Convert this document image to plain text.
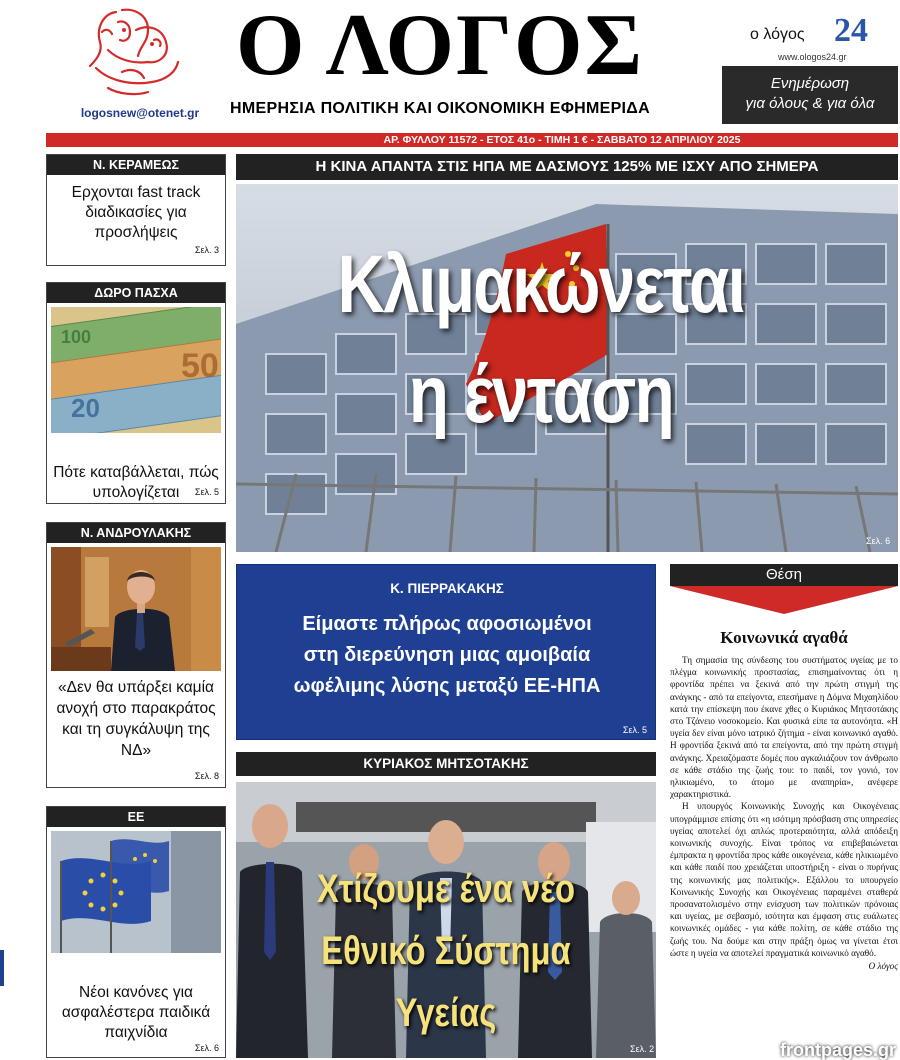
logosnew@otenet.gr
Ο ΛΟΓΟΣ
ΗΜΕΡΗΣΙΑ ΠΟΛΙΤΙΚΗ ΚΑΙ ΟΙΚΟΝΟΜΙΚΗ ΕΦΗΜΕΡΙΔΑ
ο λόγος 24
www.ologos24.gr
Ενημέρωση
για όλους & για όλα
ΑΡ. ΦΥΛΛΟΥ 11572 - ΕΤΟΣ 41ο - ΤΙΜΗ 1 € - ΣΑΒΒΑΤΟ 12 ΑΠΡΙΛΙΟΥ 2025
Ν. ΚΕΡΑΜΕΩΣ
Ερχονται fast track διαδικασίες για προσλήψεις
Σελ. 3
ΔΩΡΟ ΠΑΣΧΑ
50
20
100
Πότε καταβάλλεται, πώς υπολογίζεται	Σελ. 5
Ν. ΑΝΔΡΟΥΛΑΚΗΣ
«Δεν θα υπάρξει καμία ανοχή στο παρακράτος και τη συγκάλυψη της ΝΔ»
Σελ. 8
ΕΕ
Νέοι κανόνες για ασφαλέστερα παιδικά παιχνίδια
Σελ. 6
Η ΚΙΝΑ ΑΠΑΝΤΑ ΣΤΙΣ ΗΠΑ ΜΕ ΔΑΣΜΟΥΣ 125% ΜΕ ΙΣΧΥ ΑΠΟ ΣΗΜΕΡΑ
Κλιμακώνεται
η ένταση
Σελ. 6
Κ. ΠΙΕΡΡΑΚΑΚΗΣ
Είμαστε πλήρως αφοσιωμένοι
στη διερεύνηση μιας αμοιβαία
ωφέλιμης λύσης μεταξύ ΕΕ-ΗΠΑ
Σελ. 5
ΚΥΡΙΑΚΟΣ ΜΗΤΣΟΤΑΚΗΣ
Χτίζουμε ένα νέο
Εθνικό Σύστημα Υγείας
Σελ. 2
Θέση
Κοινωνικά αγαθά

Τη σημασία της σύνδεσης του συστήματος υγείας με το πλέγμα κοινωνικής προστασίας, επισημαίνοντας ότι η φροντίδα πρέπει να ξεκινά από την πρώτη στιγμή της ανάγκης - από τα επείγοντα, επεσήμανε η Δόμνα Μιχαηλίδου κατά την επίσκεψη που έκανε χθες ο Κυριάκος Μητσοτάκης στο Τζάνειο νοσοκομείο. Και φυσικά είπε τα αυτονόητα. «Η υγεία δεν είναι μόνο ιατρικό ζήτημα - είναι κοινωνικό αγαθό. Η φροντίδα ξεκινά από τα επείγοντα, από την πρώτη στιγμή ανάγκης. Χρειαζόμαστε δομές που αγκαλιάζουν τον άνθρωπο σε κάθε στάδιο της ζωής του: το παιδί, τον γονιό, τον ηλικιωμένο, το άτομο με αναπηρία», ανέφερε χαρακτηριστικά.

Η υπουργός Κοινωνικής Συνοχής και Οικογένειας υπογράμμισε επίσης ότι «η ισότιμη πρόσβαση στις υπηρεσίες υγείας αποτελεί όχι απλώς προτεραιότητα, αλλά απόδειξη κοινωνικής συνοχής. Είναι τρόπος να επιβεβαιώνεται έμπρακτα η φροντίδα προς κάθε οικογένεια, κάθε ηλικιωμένο και κάθε παιδί που χρειάζεται υποστήριξη - είναι ο πυρήνας της κοινωνικής μας πολιτικής». Εξάλλου το υπουργείο Κοινωνικής Συνοχής και Οικογένειας παραμένει σταθερά προσανατολισμένο στην ενίσχυση των πολιτικών πρόνοιας και υγείας, με σεβασμό, ισότητα και έμφαση στις ευάλωτες κοινωνικές ομάδες - για κάθε πολίτη, σε κάθε στάδιο της ζωής του. Να δούμε και στην πράξη όμως να γίνεται έτσι ώστε η υγεία να αποτελεί πραγματικά κοινωνικό αγαθό.

Ο λόγος
frontpages.gr
